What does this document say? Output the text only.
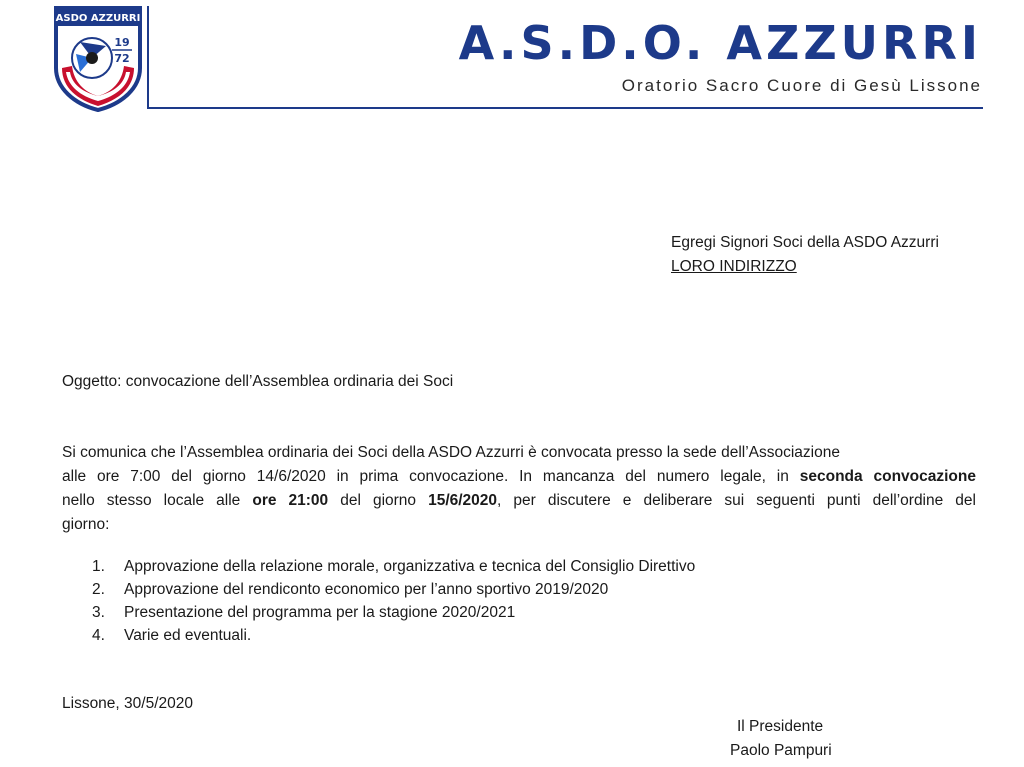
ASDO AZZURRI
19
72	A.S.D.O. AZZURRI
Oratorio Sacro Cuore di Gesù Lissone
Egregi Signori Soci della ASDO Azzurri
LORO INDIRIZZO
Oggetto: convocazione dell’Assemblea ordinaria dei Soci
Si comunica che l’Assemblea ordinaria dei Soci della ASDO Azzurri è convocata presso la sede dell’Associazione
alle ore 7:00 del giorno 14/6/2020 in prima convocazione. In mancanza del numero legale, in seconda convocazione
nello stesso locale alle ore 21:00 del giorno 15/6/2020, per discutere e deliberare sui seguenti punti dell’ordine del
giorno:
1. Approvazione della relazione morale, organizzativa e tecnica del Consiglio Direttivo
2. Approvazione del rendiconto economico per l’anno sportivo 2019/2020
3. Presentazione del programma per la stagione 2020/2021
4. Varie ed eventuali.
Lissone, 30/5/2020
Il Presidente
Paolo Pampuri
